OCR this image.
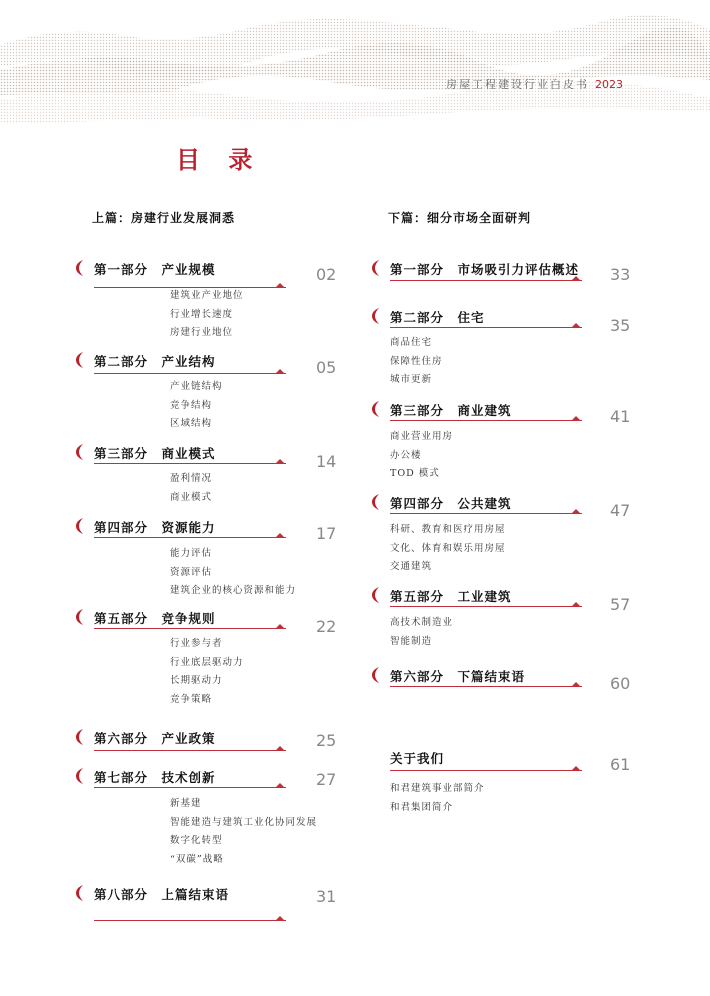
房屋工程建设行业白皮书 2023
目 录
上篇：房建行业发展洞悉	下篇：细分市场全面研判
第一部分　产业规模	02
建筑业产业地位
行业增长速度
房建行业地位
第二部分　产业结构	05
产业链结构
竞争结构
区域结构
第三部分　商业模式	14
盈利情况
商业模式
第四部分　资源能力	17
能力评估
资源评估
建筑企业的核心资源和能力
第五部分　竞争规则	22
行业参与者
行业底层驱动力
长期驱动力
竞争策略
第六部分　产业政策	25
第七部分　技术创新	27
新基建
智能建造与建筑工业化协同发展
数字化转型
“双碳”战略
第八部分　上篇结束语	31
第一部分　市场吸引力评估概述 33
第二部分　住宅	35
商品住宅
保障性住房
城市更新
第三部分　商业建筑	41
商业营业用房
办公楼
TOD 模式
第四部分　公共建筑	47
科研、教育和医疗用房屋
文化、体育和娱乐用房屋
交通建筑
第五部分　工业建筑	57
高技术制造业
智能制造
第六部分　下篇结束语	60
关于我们	61
和君建筑事业部简介
和君集团简介
